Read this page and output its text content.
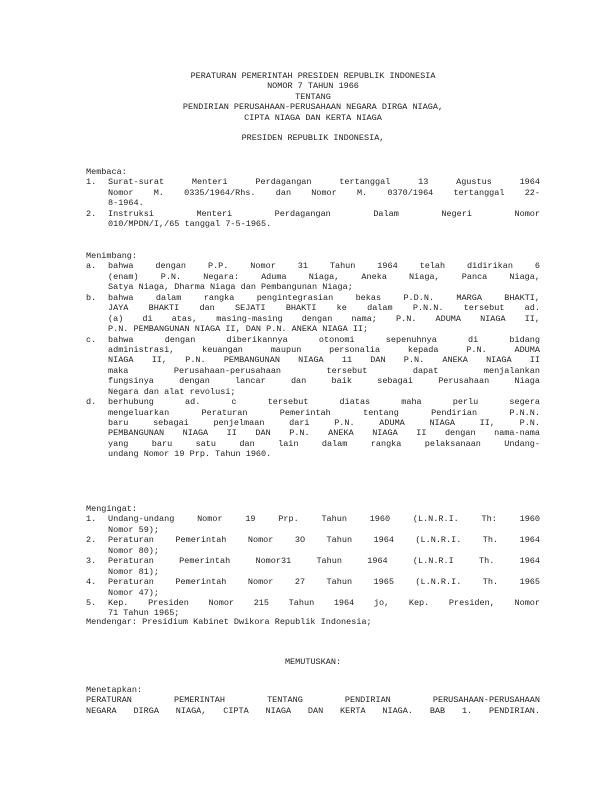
PERATURAN PEMERINTAH PRESIDEN REPUBLIK INDONESIA
NOMOR 7 TAHUN 1966
TENTANG
PENDIRIAN PERUSAHAAN-PERUSAHAAN NEGARA DIRGA NIAGA,
CIPTA NIAGA DAN KERTA NIAGA
PRESIDEN REPUBLIK INDONESIA,
Membaca:
1.	Surat-surat Menteri Perdagangan tertanggal 13 Agustus 1964
Nomor M. 0335/1964/Rhs. dan Nomor M. 0370/1964 tertanggal 22-
8-1964.
2.	Instruksi Menteri Perdagangan Dalam Negeri Nomor
010/MPDN/I,/65 tanggal 7-5-1965.
Menimbang:
a.	bahwa dengan P.P. Nomor 31 Tahun 1964 telah didirikan 6
(enam) P.N. Negara: Aduma Niaga, Aneka Niaga, Panca Niaga,
Satya Niaga, Dharma Niaga dan Pembangunan Niaga;
b.	bahwa dalam rangka pengintegrasian bekas P.D.N. MARGA BHAKTI,
JAYA BHAKTI dan SEJATI BHAKTI ke dalam P.N.N. tersebut ad.
(a) di atas, masing-masing dengan nama; P.N. ADUMA NIAGA II,
P.N. PEMBANGUNAN NIAGA II, DAN P.N. ANEKA NIAGA II;
c.	bahwa dengan diberikannya otonomi sepenuhnya di bidang
administrasi, keuangan maupun personalia kepada P.N. ADUMA
NIAGA II, P.N. PEMBANGUNAN NIAGA 11 DAN P.N. ANEKA NIAGA II
maka Perusahaan-perusahaan tersebut dapat menjalankan
fungsinya dengan lancar dan baik sebagai Perusahaan Niaga
Negara dan alat revolusi;
d.	berhubung ad. c tersebut diatas maha perlu segera
mengeluarkan Peraturan Pemerintah tentang Pendirian P.N.N.
baru sebagai penjelmaan dari P.N. ADUMA NIAGA II, P.N.
PEMBANGUNAN NIAGA II DAN P.N. ANEKA NIAGA II dengan nama-nama
yang baru satu dan lain dalam rangka pelaksanaan Undang-
undang Nomor 19 Prp. Tahun 1960.
Mengingat:
1.	Undang-undang Nomor 19 Prp. Tahun 1960 (L.N.R.I. Th: 1960
Nomor 59);
2.	Peraturan Pemerintah Nomor 3O Tahun 1964 (L.N.R.I. Th. 1964
Nomor 80);
3.	Peraturan Pemerintah Nomor31 Tahun 1964 (L.N.R.I Th. 1964
Nomor 81);
4.	Peraturan Pemerintah Nomor 27 Tahun 1965 (L.N.R.I. Th. 1965
Nomor 47);
5.	Kep. Presiden Nomor 215 Tahun 1964 jo, Kep. Presiden, Nomor
71 Tahun 1965;
Mendengar: Presidium Kabinet Dwikora Republik Indonesia;
MEMUTUSKAN:
Menetapkan:
PERATURAN PEMERINTAH TENTANG PENDIRIAN PERUSAHAAN-PERUSAHAAN
NEGARA DIRGA NIAGA, CIPTA NIAGA DAN KERTA NIAGA. BAB 1. PENDIRIAN.
